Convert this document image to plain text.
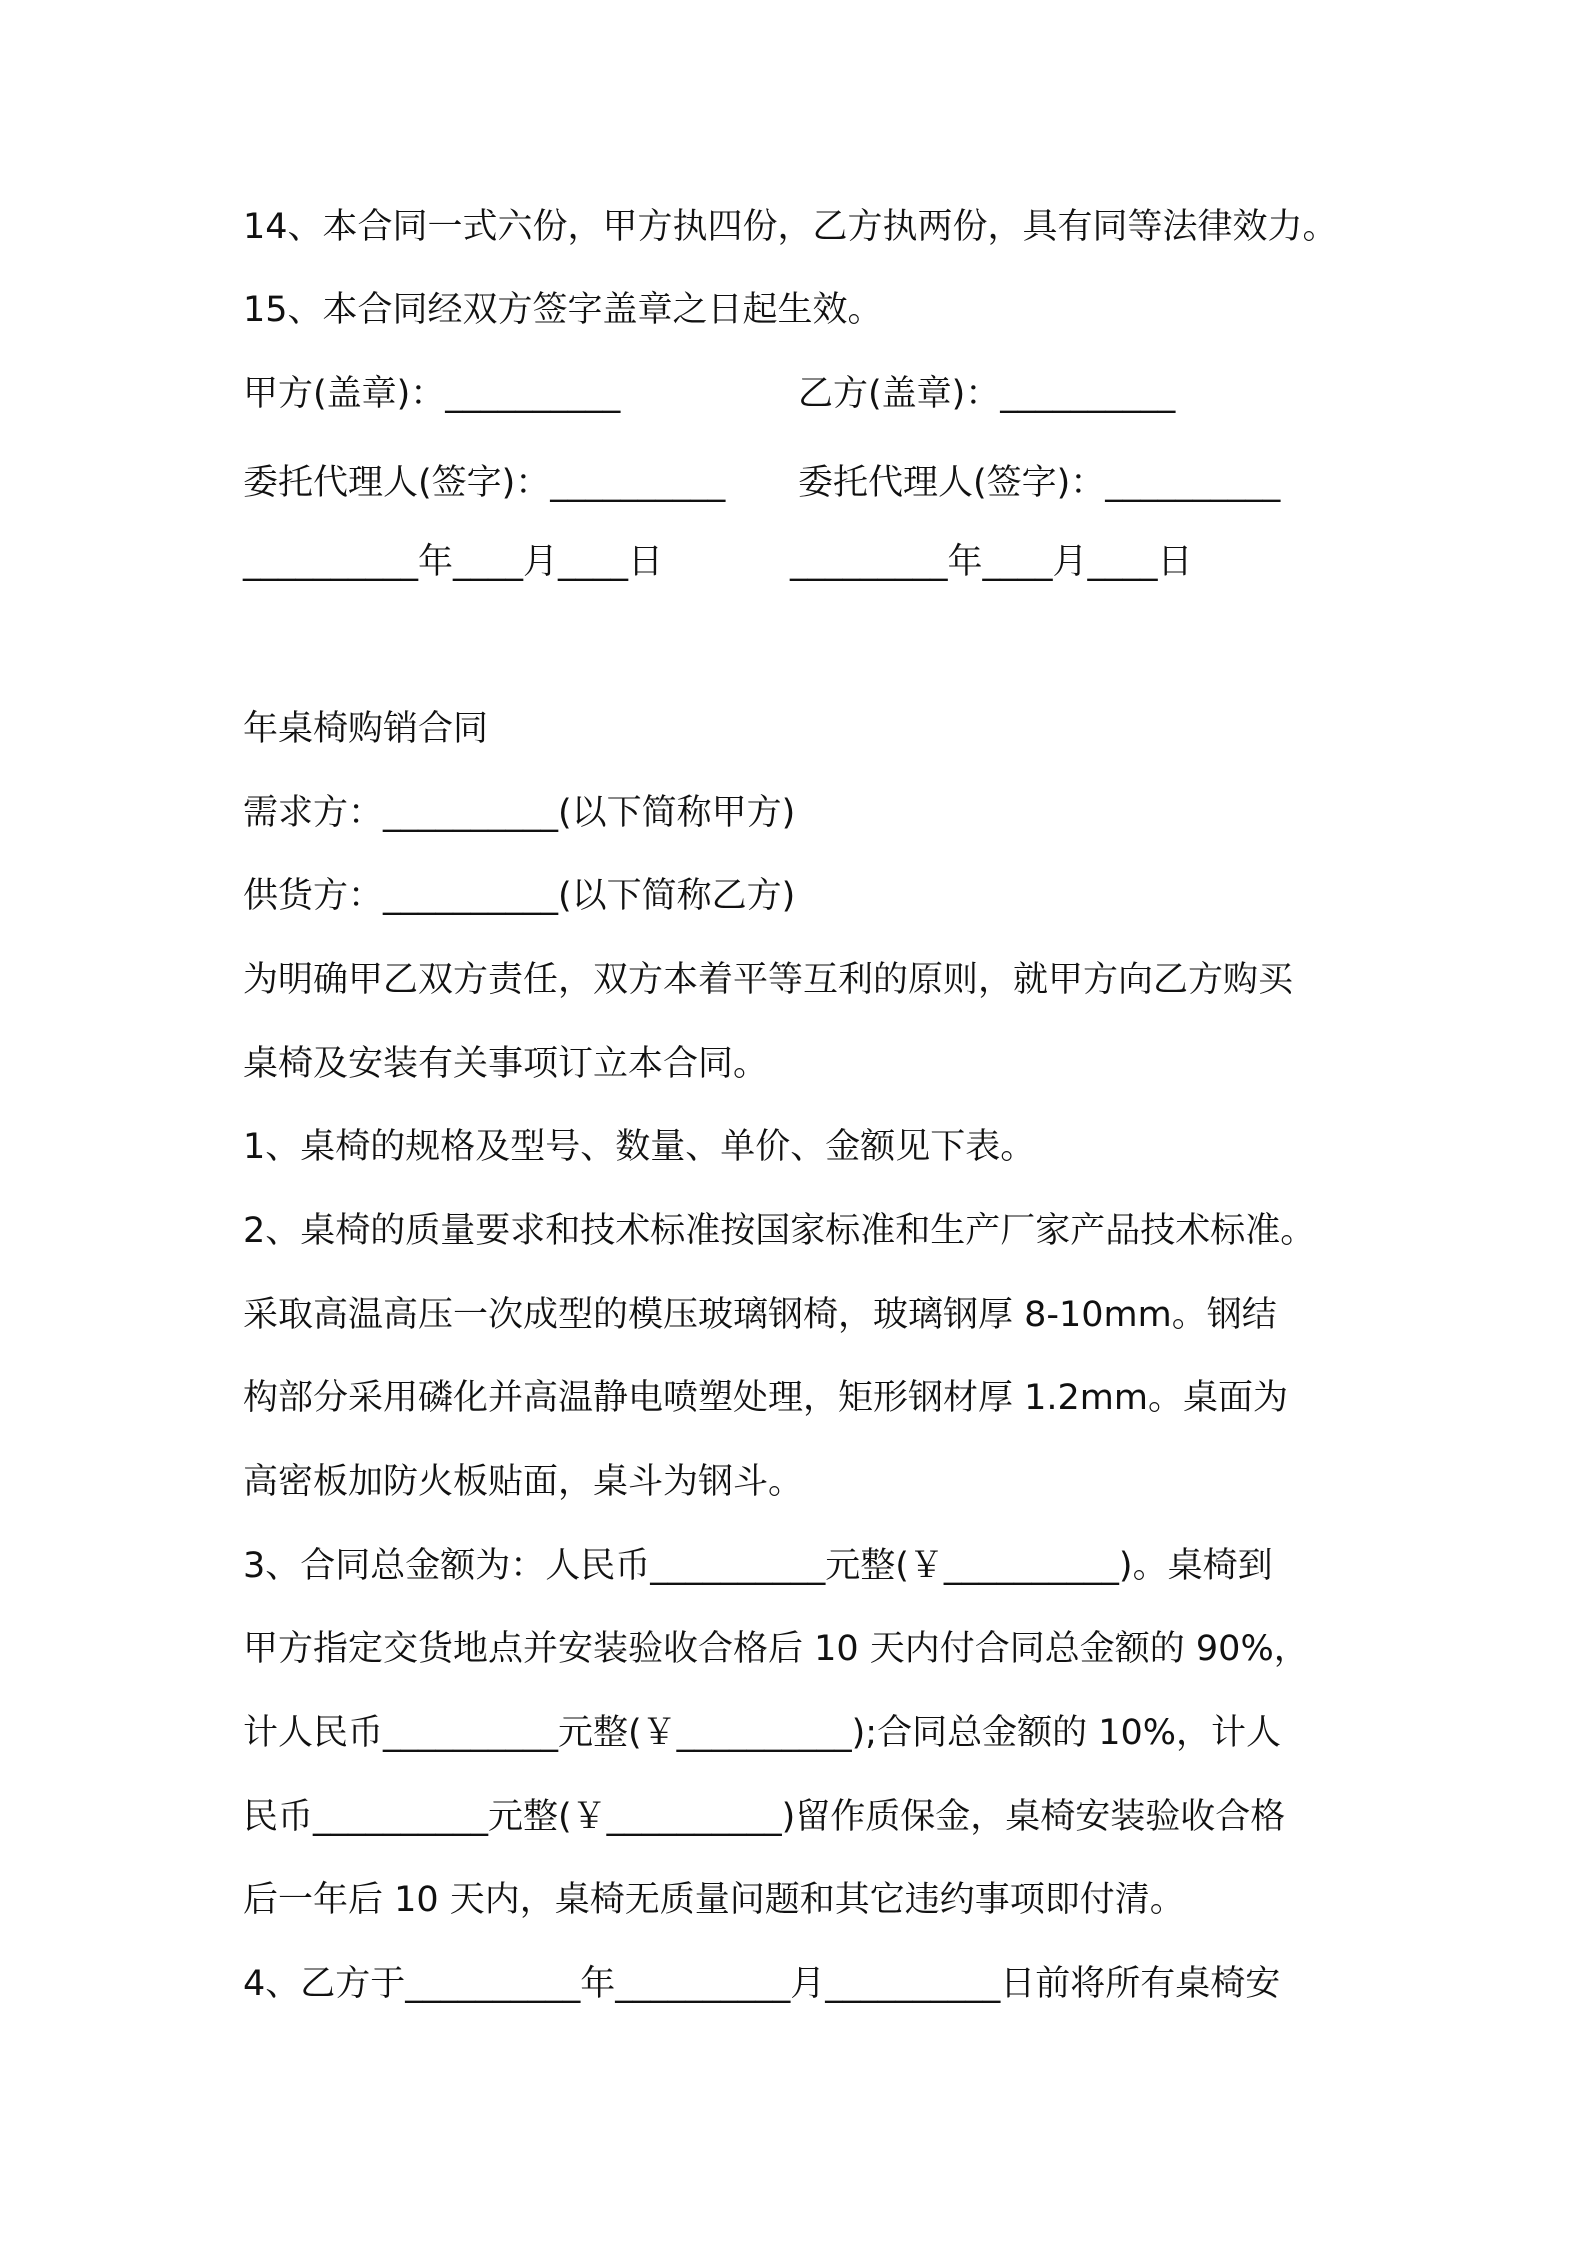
14、本合同一式六份，甲方执四份，乙方执两份，具有同等法律效力。
15、本合同经双方签字盖章之日起生效。
甲方(盖章)：__________	乙方(盖章)：__________
委托代理人(签字)：__________ 委托代理人(签字)：__________
__________年____月____日	_________年____月____日
年桌椅购销合同
需求方：__________(以下简称甲方)
供货方：__________(以下简称乙方)
为明确甲乙双方责任，双方本着平等互利的原则，就甲方向乙方购买
桌椅及安装有关事项订立本合同。
1、桌椅的规格及型号、数量、单价、金额见下表。
2、桌椅的质量要求和技术标准按国家标准和生产厂家产品技术标准。
采取高温高压一次成型的模压玻璃钢椅，玻璃钢厚 8-10mm。钢结
构部分采用磷化并高温静电喷塑处理，矩形钢材厚 1.2mm。桌面为
高密板加防火板贴面，桌斗为钢斗。
3、合同总金额为：人民币__________元整(￥__________)。桌椅到
甲方指定交货地点并安装验收合格后 10 天内付合同总金额的 90%，
计人民币__________元整(￥__________);合同总金额的 10%，计人
民币__________元整(￥__________)留作质保金，桌椅安装验收合格
后一年后 10 天内，桌椅无质量问题和其它违约事项即付清。
4、乙方于__________年__________月__________日前将所有桌椅安
